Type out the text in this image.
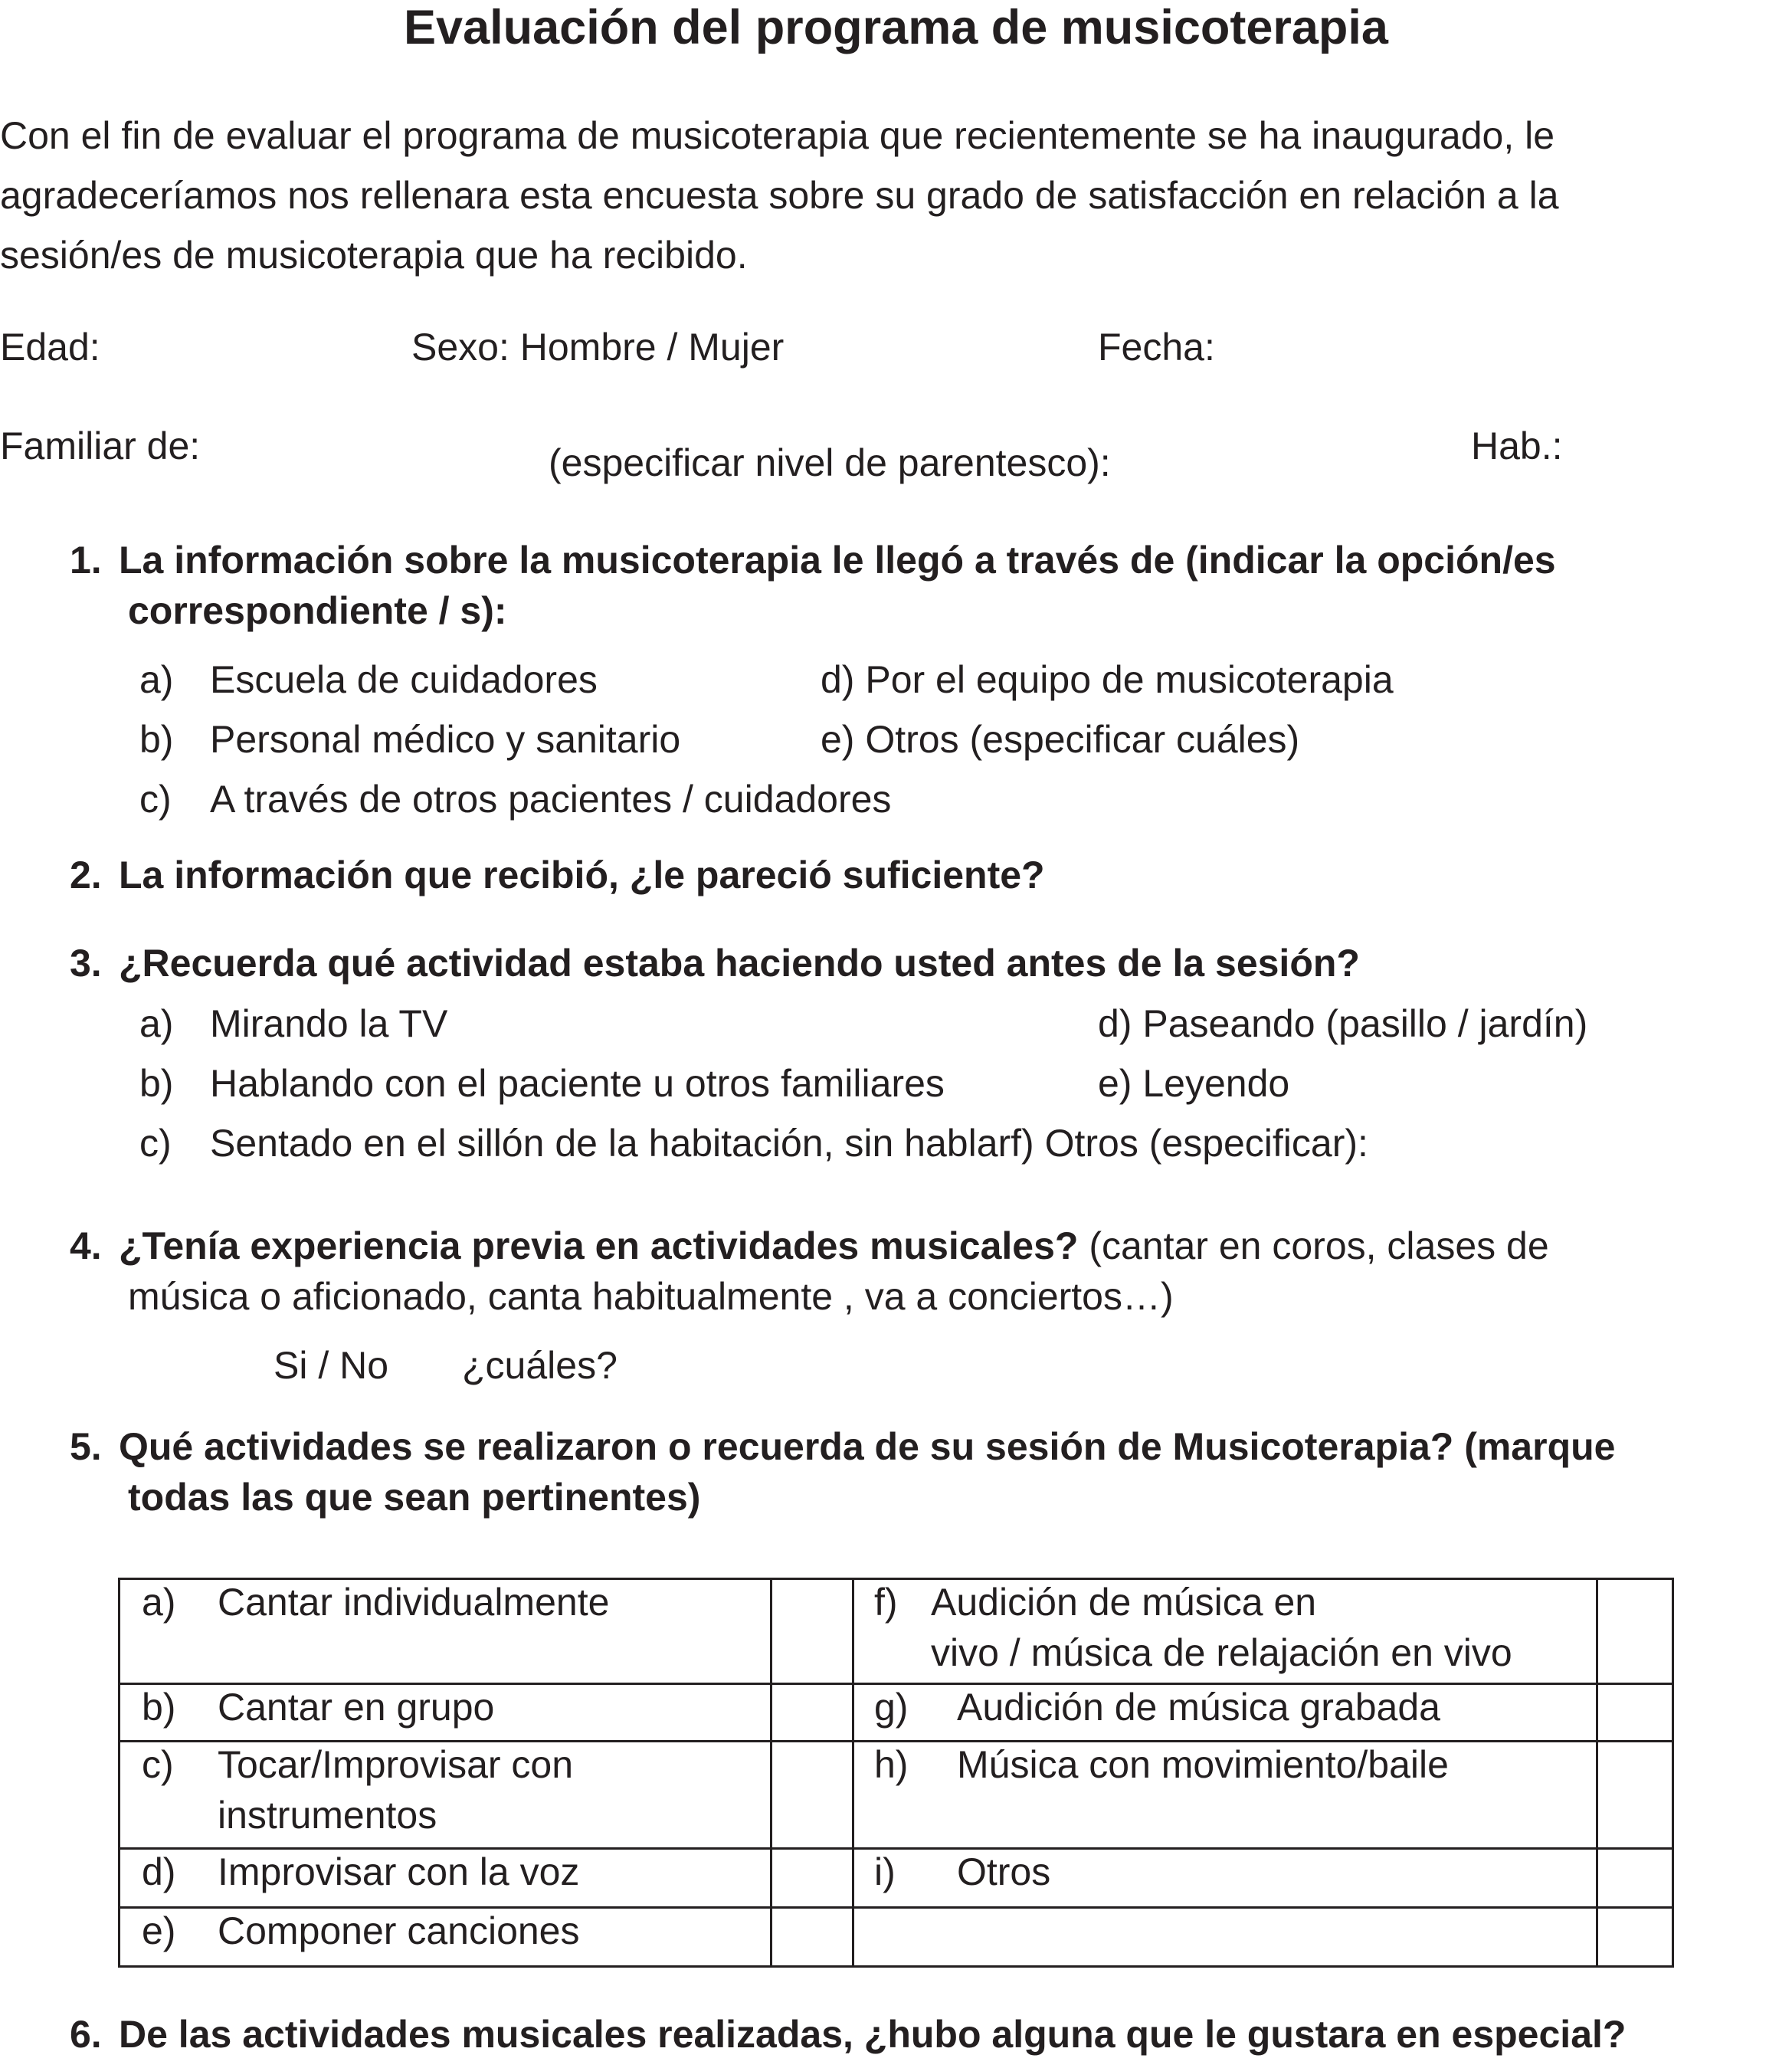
Evaluación del programa de musicoterapia
Con el fin de evaluar el programa de musicoterapia que recientemente se ha inaugurado, le
agradeceríamos nos rellenara esta encuesta sobre su grado de satisfacción en relación a la
sesión/es de musicoterapia que ha recibido.
Edad:	Sexo: Hombre / Mujer	Fecha:
Familiar de:	(especificar nivel de parentesco):	Hab.:
1. La información sobre la musicoterapia le llegó a través de (indicar la opción/es
correspondiente / s):
a) Escuela de cuidadores
b) Personal médico y sanitario
c) A través de otros pacientes / cuidadores
d) Por el equipo de musicoterapia
e) Otros (especificar cuáles)
2. La información que recibió, ¿le pareció suficiente?
3. ¿Recuerda qué actividad estaba haciendo usted antes de la sesión?
a) Mirando la TV
b) Hablando con el paciente u otros familiares
c) Sentado en el sillón de la habitación, sin hablarf) Otros (especificar):
d) Paseando (pasillo / jardín)
e) Leyendo
4. ¿Tenía experiencia previa en actividades musicales? (cantar en coros, clases de
música o aficionado, canta habitualmente , va a conciertos…)
Si / No ¿cuáles?
5. Qué actividades se realizaron o recuerda de su sesión de Musicoterapia? (marque
todas las que sean pertinentes)
a) Cantar individualmente		f) Audición de música en
vivo / música de relajación en vivo	

b) Cantar en grupo		g) Audición de música grabada	

c) Tocar/Improvisar con
instrumentos		h) Música con movimiento/baile	

d) Improvisar con la voz		i) Otros	

e) Componer canciones			

6. De las actividades musicales realizadas, ¿hubo alguna que le gustara en especial?
